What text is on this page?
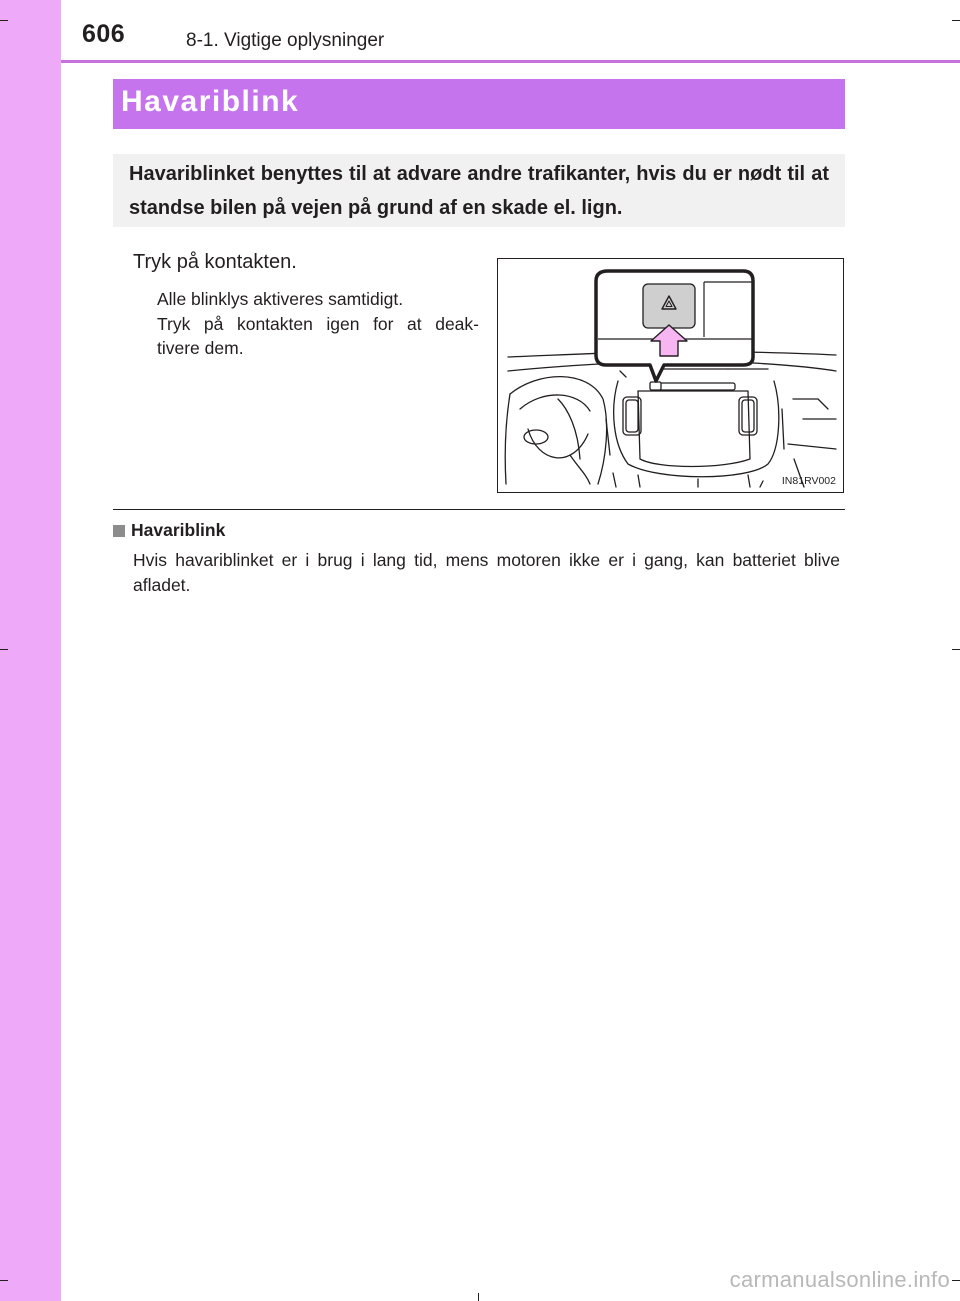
606	8-1. Vigtige oplysninger
Havariblink
Havariblinket benyttes til at advare andre trafikanter, hvis du er nødt til at standse bilen på vejen på grund af en skade el. lign.
Tryk på kontakten.
Alle blinklys aktiveres samtidigt.
Tryk på kontakten igen for at deak-
tivere dem.
IN81RV002
Havariblink
Hvis havariblinket er i brug i lang tid, mens motoren ikke er i gang, kan batteriet blive afladet.
carmanualsonline.info
